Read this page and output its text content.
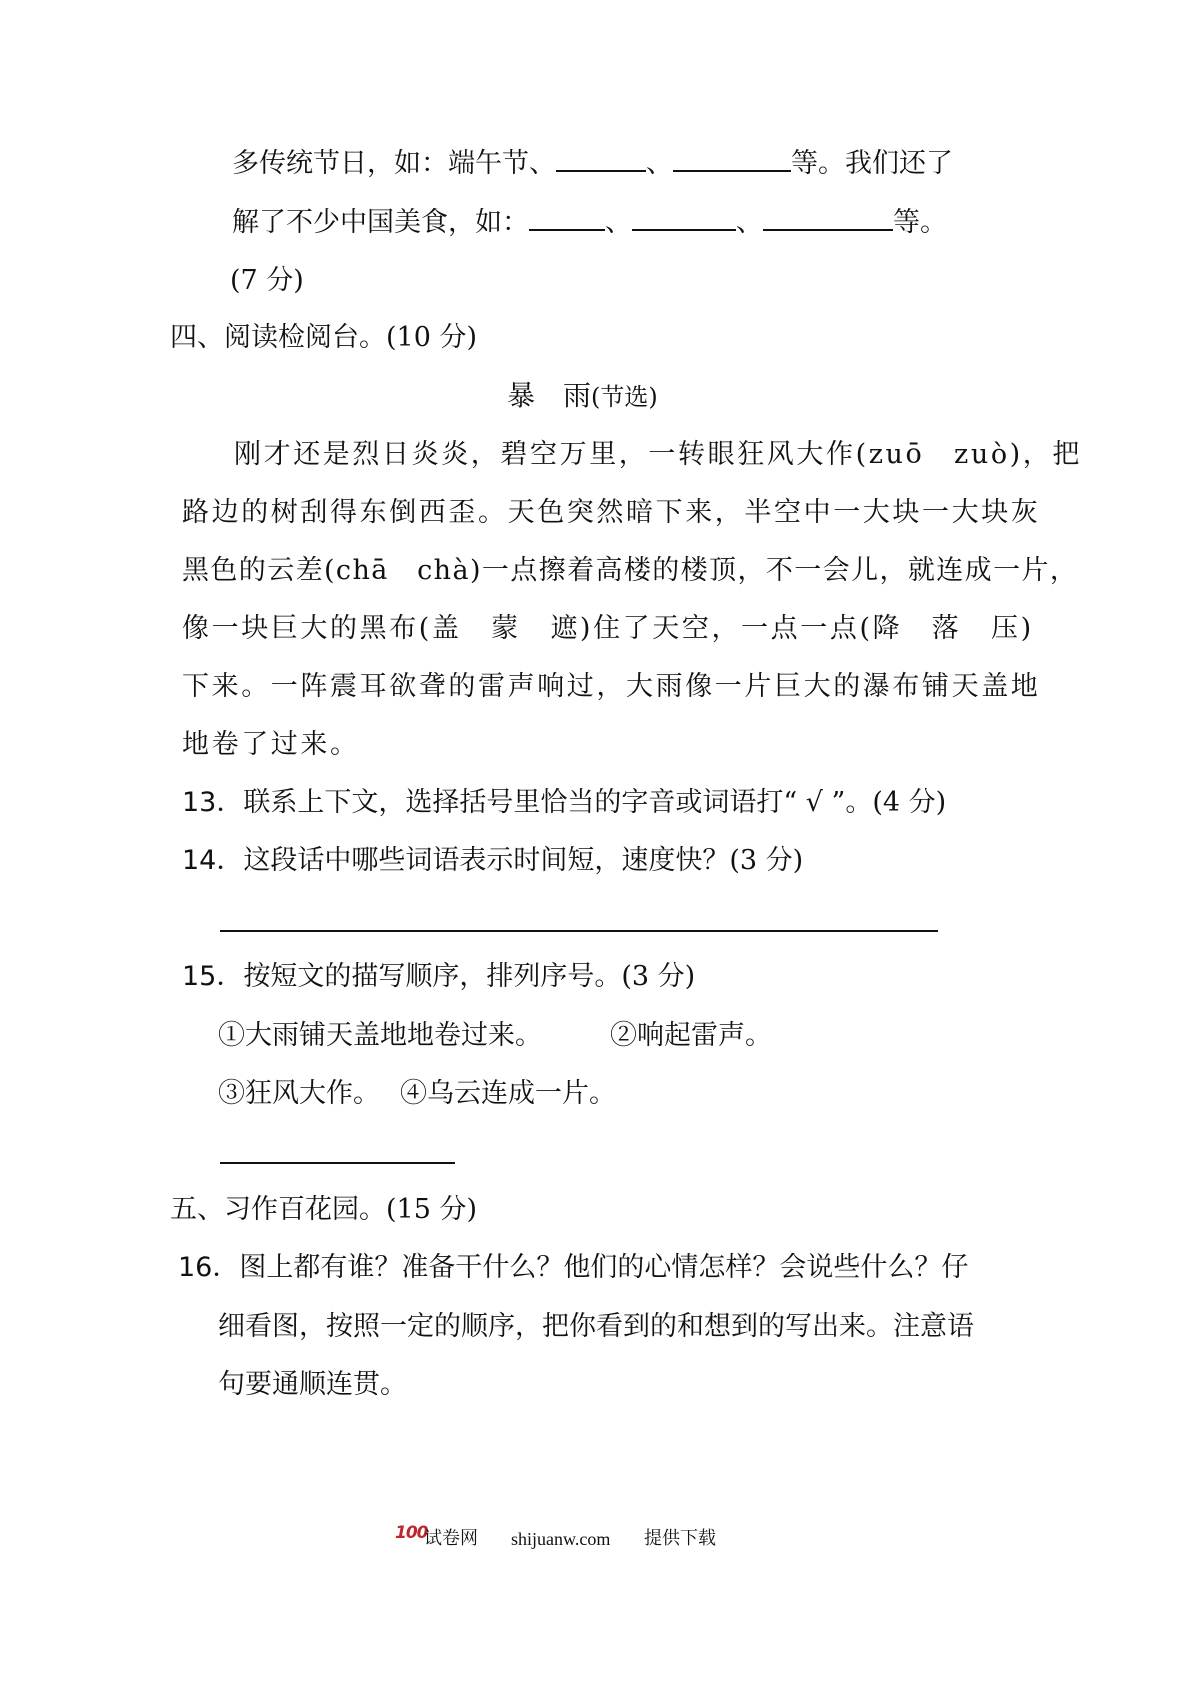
多传统节日，如：端午节、	、	等。我们还了
解了不少中国美食，如：	、	、	等。
(7 分)
四、阅读检阅台。(10 分)
暴　雨(节选)
刚才还是烈日炎炎，碧空万里，一转眼狂风大作(zuō　zuò)，把
路边的树刮得东倒西歪。天色突然暗下来，半空中一大块一大块灰
黑色的云差(chā　chà)一点擦着高楼的楼顶，不一会儿，就连成一片，
像一块巨大的黑布(盖　蒙　遮)住了天空，一点一点(降　落　压)
下来。一阵震耳欲聋的雷声响过，大雨像一片巨大的瀑布铺天盖地
地卷了过来。
13．联系上下文，选择括号里恰当的字音或词语打“ √ ”。(4 分)
14．这段话中哪些词语表示时间短，速度快？(3 分)
15．按短文的描写顺序，排列序号。(3 分)
①大雨铺天盖地地卷过来。	②响起雷声。
③狂风大作。 ④乌云连成一片。
五、习作百花园。(15 分)
16．图上都有谁？准备干什么？他们的心情怎样？会说些什么？仔
细看图，按照一定的顺序，把你看到的和想到的写出来。注意语
句要通顺连贯。
100
试卷网 shijuanw.com 提供下载
